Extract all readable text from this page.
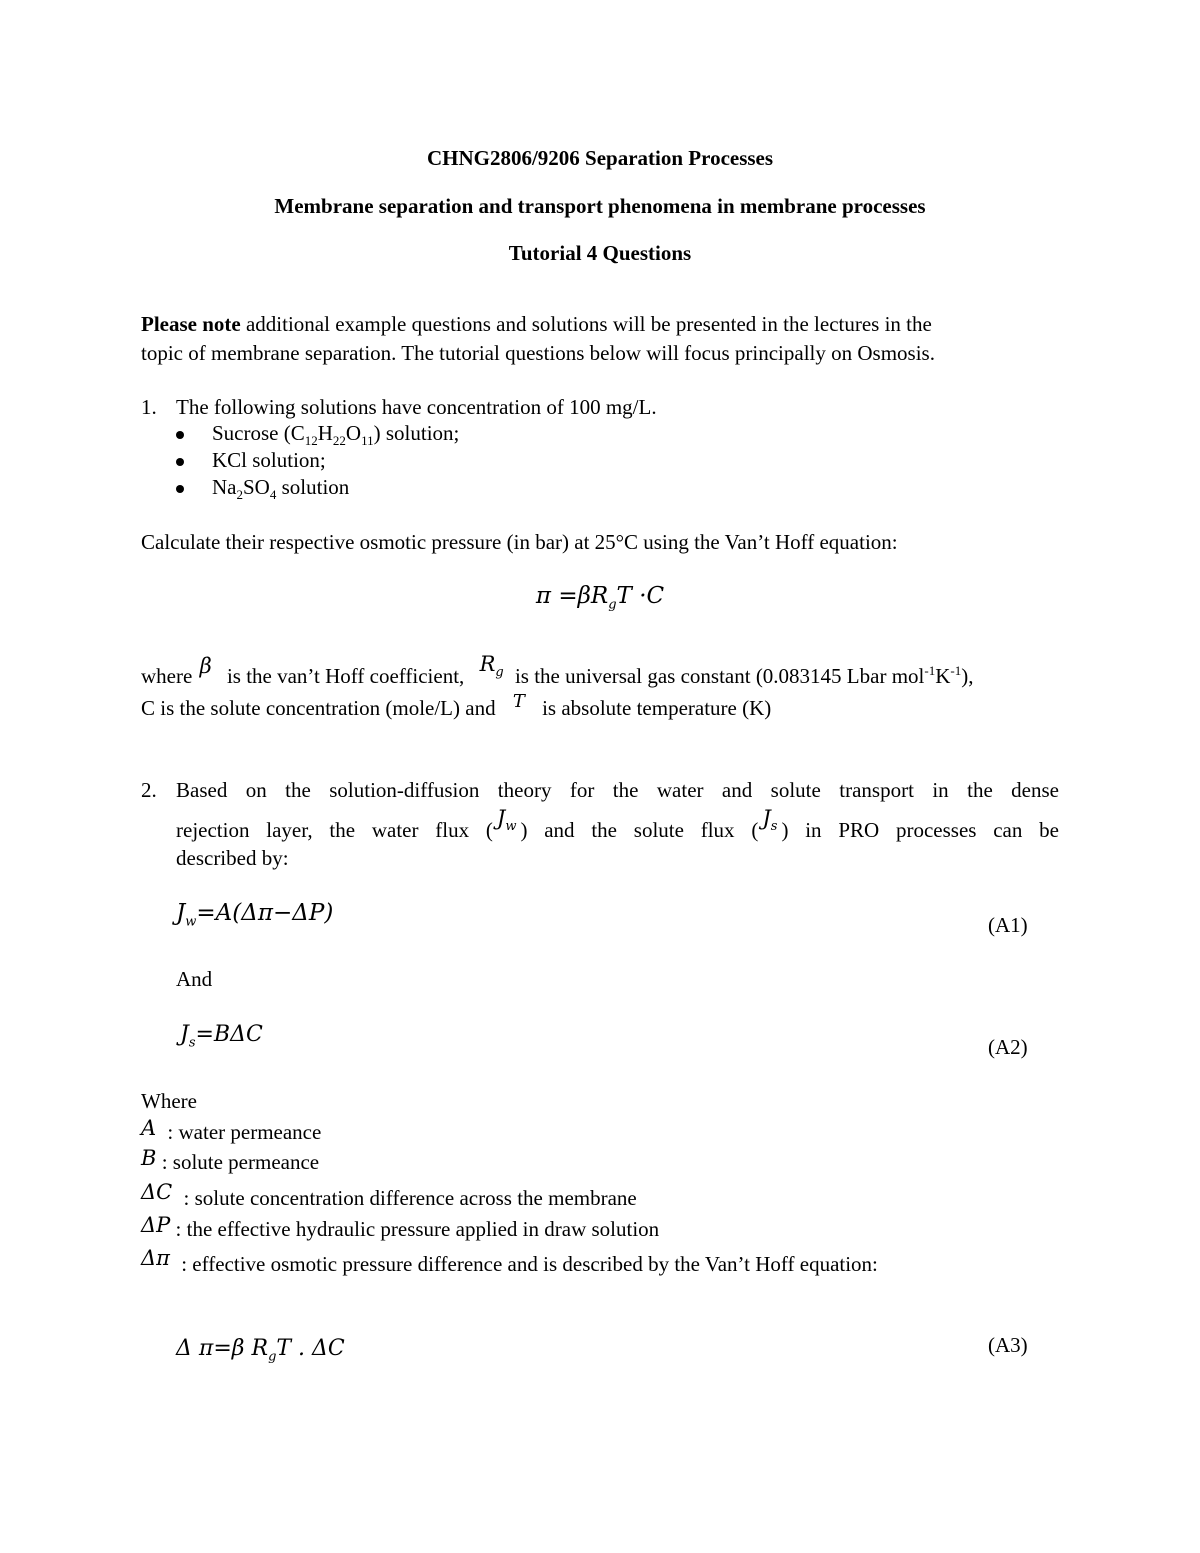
CHNG2806/9206 Separation Processes
Membrane separation and transport phenomena in membrane processes
Tutorial 4 Questions
Please note additional example questions and solutions will be presented in the lectures in the
topic of membrane separation. The tutorial questions below will focus principally on Osmosis.
1. The following solutions have concentration of 100 mg/L.
Sucrose $(C_{12}H_{22}O_{11})$ solution;
KCl solution;
$Na_2SO_4$ solution
Calculate their respective osmotic pressure (in bar) at 25°C using the Van’t Hoff equation:
$\pi =\beta R_gT \cdot C$
where β is the van’t Hoff coefficient, $R_g$ is the universal gas constant (0.083145 Lbar $mol^{-1}K^{-1}$),
C is the solute concentration (mole/L) and T is absolute temperature (K)
2. Based on the solution-diffusion theory for the water and solute transport in the dense
rejection layer, the water flux ( $J_w$ ) and the solute flux ( $J_s$ ) in PRO processes can be
described by:
$J_w=A(\Delta\pi-\Delta P)$	(A1)
And
$J_s=B\Delta C$	(A2)
Where
A : water permeance
B : solute permeance
ΔC : solute concentration difference across the membrane
ΔP : the effective hydraulic pressure applied in draw solution
Δπ : effective osmotic pressure difference and is described by the Van’t Hoff equation:
Δ π=β $R_gT$ . ΔC	(A3)
